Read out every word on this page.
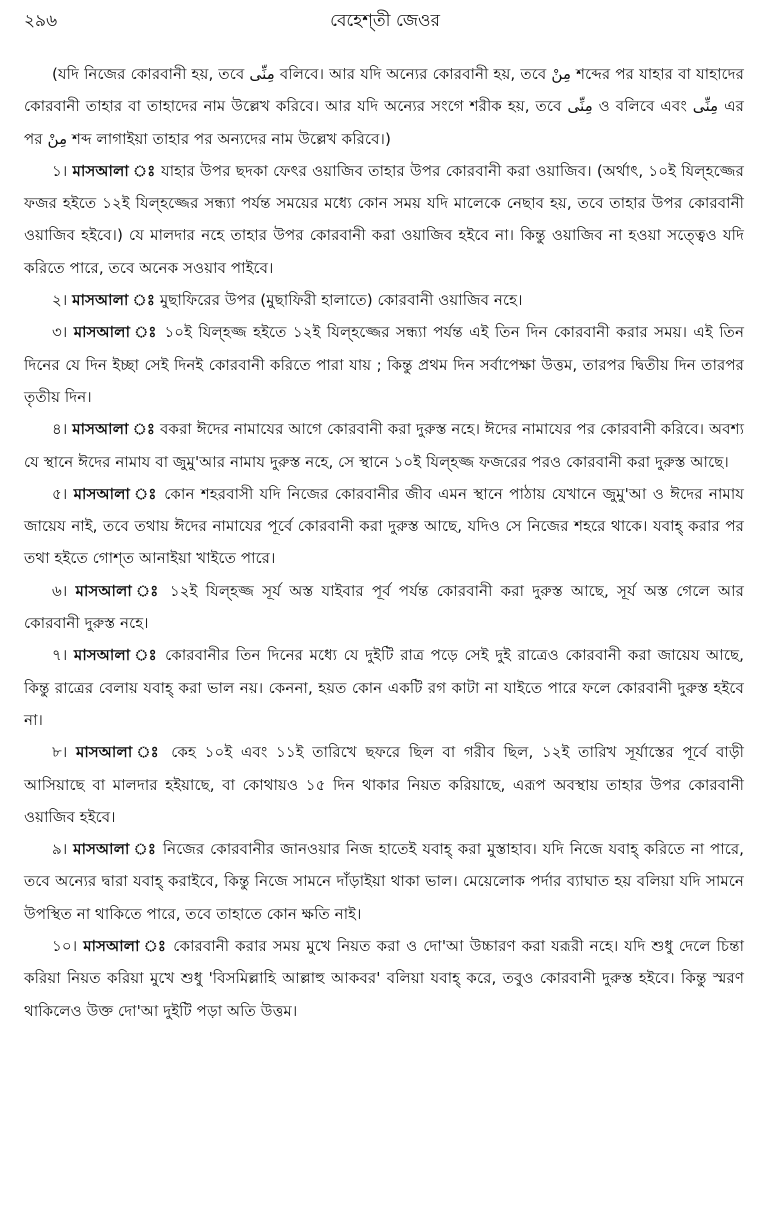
২৯৬	বেহেশ্‌তী জেওর

(যদি নিজের কোরবানী হয়, তবে مِنِّى বলিবে। আর যদি অন্যের কোরবানী হয়, তবে مِنْ শব্দের পর যাহার বা যাহাদের কোরবানী তাহার বা তাহাদের নাম উল্লেখ করিবে। আর যদি অন্যের সংগে শরীক হয়, তবে مِنِّى ও বলিবে এবং مِنِّى এর পর مِنْ শব্দ লাগাইয়া তাহার পর অন্যদের নাম উল্লেখ করিবে।)

১। মাসআলা ঃ যাহার উপর ছদকা ফেৎর ওয়াজিব তাহার উপর কোরবানী করা ওয়াজিব। (অর্থাৎ, ১০ই যিল্‌হজ্জের ফজর হইতে ১২ই যিল্‌হজ্জের সন্ধ্যা পর্যন্ত সময়ের মধ্যে কোন সময় যদি মালেকে নেছাব হয়, তবে তাহার উপর কোরবানী ওয়াজিব হইবে।) যে মালদার নহে তাহার উপর কোরবানী করা ওয়াজিব হইবে না। কিন্তু ওয়াজিব না হওয়া সত্ত্বেও যদি করিতে পারে, তবে অনেক সওয়াব পাইবে।

২। মাসআলা ঃ মুছাফিরের উপর (মুছাফিরী হালাতে) কোরবানী ওয়াজিব নহে।

৩। মাসআলা ঃ ১০ই যিল্‌হজ্জ হইতে ১২ই যিল্‌হজ্জের সন্ধ্যা পর্যন্ত এই তিন দিন কোরবানী করার সময়। এই তিন দিনের যে দিন ইচ্ছা সেই দিনই কোরবানী করিতে পারা যায় ; কিন্তু প্রথম দিন সর্বাপেক্ষা উত্তম, তারপর দ্বিতীয় দিন তারপর তৃতীয় দিন।

৪। মাসআলা ঃ বকরা ঈদের নামাযের আগে কোরবানী করা দুরুস্ত নহে। ঈদের নামাযের পর কোরবানী করিবে। অবশ্য যে স্থানে ঈদের নামায বা জুমু'আর নামায দুরুস্ত নহে, সে স্থানে ১০ই যিল্‌হজ্জ ফজরের পরও কোরবানী করা দুরুস্ত আছে।

৫। মাসআলা ঃ কোন শহরবাসী যদি নিজের কোরবানীর জীব এমন স্থানে পাঠায় যেখানে জুমু'আ ও ঈদের নামায জায়েয নাই, তবে তথায় ঈদের নামাযের পূর্বে কোরবানী করা দুরুস্ত আছে, যদিও সে নিজের শহরে থাকে। যবাহ্‌ করার পর তথা হইতে গোশ্‌ত আনাইয়া খাইতে পারে।

৬। মাসআলা ঃ ১২ই যিল্‌হজ্জ সূর্য অস্ত যাইবার পূর্ব পর্যন্ত কোরবানী করা দুরুস্ত আছে, সূর্য অস্ত গেলে আর কোরবানী দুরুস্ত নহে।

৭। মাসআলা ঃ কোরবানীর তিন দিনের মধ্যে যে দুইটি রাত্র পড়ে সেই দুই রাত্রেও কোরবানী করা জায়েয আছে, কিন্তু রাত্রের বেলায় যবাহ্‌ করা ভাল নয়। কেননা, হয়ত কোন একটি রগ কাটা না যাইতে পারে ফলে কোরবানী দুরুস্ত হইবে না।

৮। মাসআলা ঃ কেহ ১০ই এবং ১১ই তারিখে ছফরে ছিল বা গরীব ছিল, ১২ই তারিখ সূর্যাস্তের পূর্বে বাড়ী আসিয়াছে বা মালদার হইয়াছে, বা কোথায়ও ১৫ দিন থাকার নিয়ত করিয়াছে, এরূপ অবস্থায় তাহার উপর কোরবানী ওয়াজিব হইবে।

৯। মাসআলা ঃ নিজের কোরবানীর জানওয়ার নিজ হাতেই যবাহ্‌ করা মুস্তাহাব। যদি নিজে যবাহ্‌ করিতে না পারে, তবে অন্যের দ্বারা যবাহ্‌ করাইবে, কিন্তু নিজে সামনে দাঁড়াইয়া থাকা ভাল। মেয়েলোক পর্দার ব্যাঘাত হয় বলিয়া যদি সামনে উপস্থিত না থাকিতে পারে, তবে তাহাতে কোন ক্ষতি নাই।

১০। মাসআলা ঃ কোরবানী করার সময় মুখে নিয়ত করা ও দো'আ উচ্চারণ করা যরূরী নহে। যদি শুধু দেলে চিন্তা করিয়া নিয়ত করিয়া মুখে শুধু 'বিসমিল্লাহি আল্লাহু আকবর' বলিয়া যবাহ্‌ করে, তবুও কোরবানী দুরুস্ত হইবে। কিন্তু স্মরণ থাকিলেও উক্ত দো'আ দুইটি পড়া অতি উত্তম।
